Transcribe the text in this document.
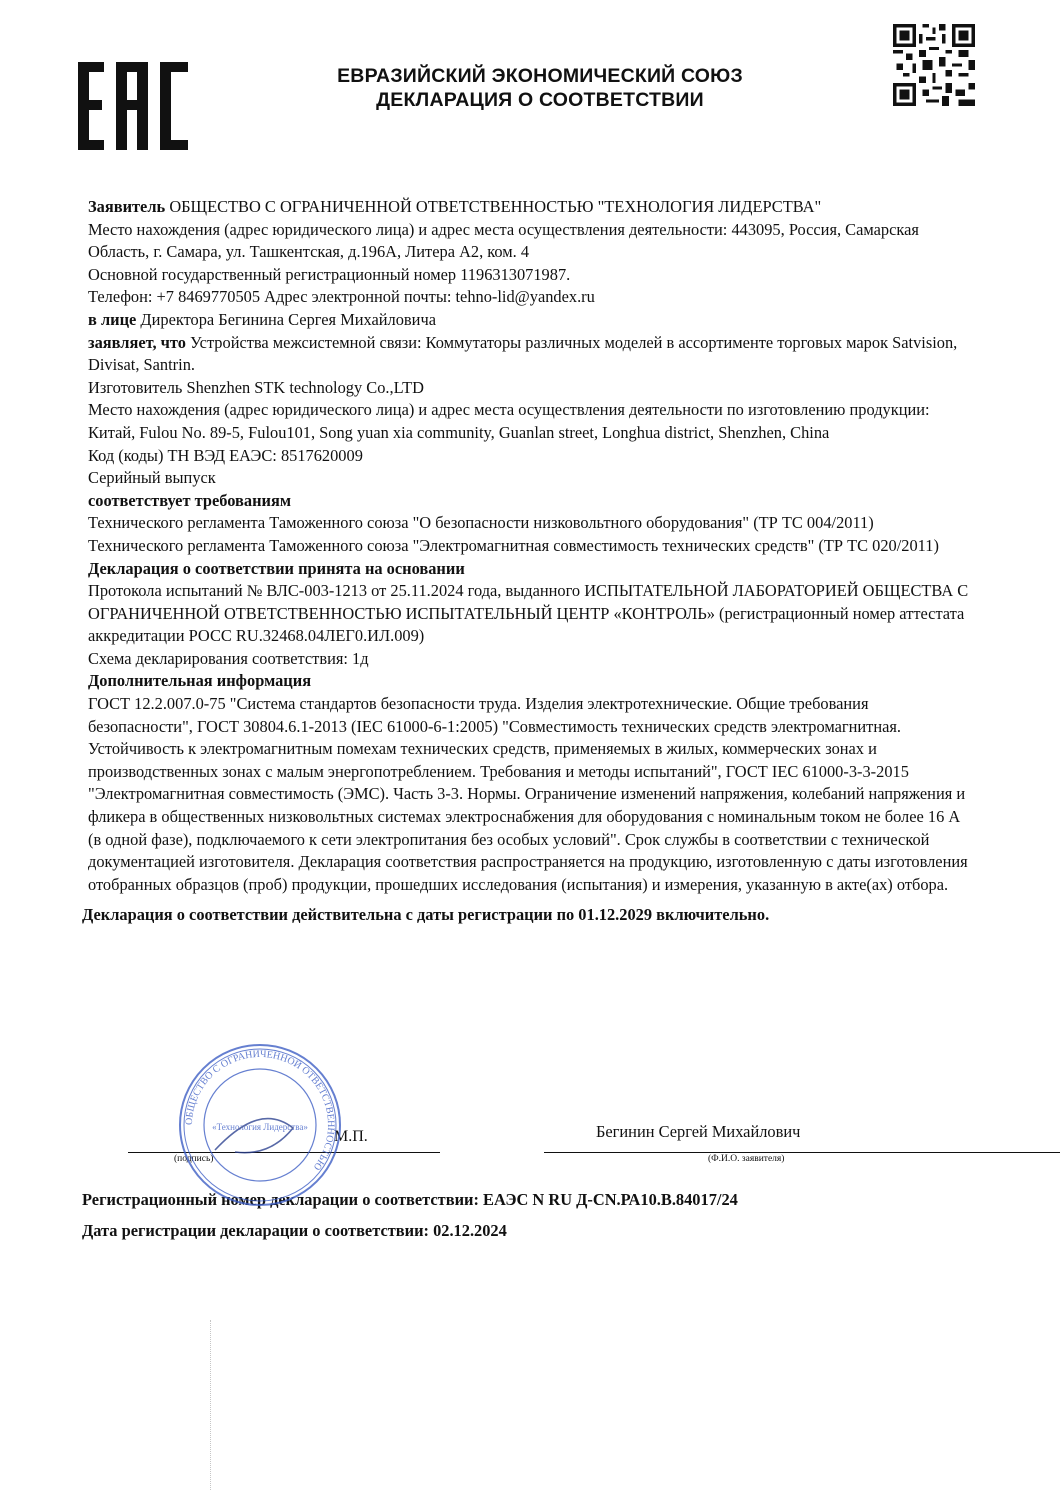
ЕВРАЗИЙСКИЙ ЭКОНОМИЧЕСКИЙ СОЮЗ
ДЕКЛАРАЦИЯ О СООТВЕТСТВИИ

Заявитель ОБЩЕСТВО С ОГРАНИЧЕННОЙ ОТВЕТСТВЕННОСТЬЮ "ТЕХНОЛОГИЯ ЛИДЕРСТВА"

Место нахождения (адрес юридического лица) и адрес места осуществления деятельности: 443095, Россия, Самарская Область, г. Самара, ул. Ташкентская, д.196А, Литера А2, ком. 4

Основной государственный регистрационный номер 1196313071987.

Телефон: +7 8469770505 Адрес электронной почты: tehno-lid@yandex.ru

в лице Директора Бегинина Сергея Михайловича

заявляет, что Устройства межсистемной связи: Коммутаторы различных моделей в ассортименте торговых марок Satvision, Divisat, Santrin.

Изготовитель Shenzhen STK technology Co.,LTD

Место нахождения (адрес юридического лица) и адрес места осуществления деятельности по изготовлению продукции: Китай, Fulou No. 89-5, Fulou101, Song yuan xia community, Guanlan street, Longhua district, Shenzhen, China

Код (коды) ТН ВЭД ЕАЭС: 8517620009

Серийный выпуск

соответствует требованиям

Технического регламента Таможенного союза "О безопасности низковольтного оборудования" (ТР ТС 004/2011)

Технического регламента Таможенного союза "Электромагнитная совместимость технических средств" (ТР ТС 020/2011)

Декларация о соответствии принята на основании

Протокола испытаний № ВЛС-003-1213 от 25.11.2024 года, выданного ИСПЫТАТЕЛЬНОЙ ЛАБОРАТОРИЕЙ ОБЩЕСТВА С ОГРАНИЧЕННОЙ ОТВЕТСТВЕННОСТЬЮ ИСПЫТАТЕЛЬНЫЙ ЦЕНТР «КОНТРОЛЬ» (регистрационный номер аттестата аккредитации РОСС RU.32468.04ЛЕГ0.ИЛ.009)

Схема декларирования соответствия: 1д

Дополнительная информация

ГОСТ 12.2.007.0-75 "Система стандартов безопасности труда. Изделия электротехнические. Общие требования безопасности", ГОСТ 30804.6.1-2013 (IEC 61000-6-1:2005) "Совместимость технических средств электромагнитная. Устойчивость к электромагнитным помехам технических средств, применяемых в жилых, коммерческих зонах и производственных зонах с малым энергопотреблением. Требования и методы испытаний", ГОСТ IEC 61000-3-3-2015 "Электромагнитная совместимость (ЭМС). Часть 3-3. Нормы. Ограничение изменений напряжения, колебаний напряжения и фликера в общественных низковольтных системах электроснабжения для оборудования с номинальным током не более 16 А (в одной фазе), подключаемого к сети электропитания без особых условий". Срок службы в соответствии с технической документацией изготовителя. Декларация соответствия распространяется на продукцию, изготовленную с даты изготовления отобранных образцов (проб) продукции, прошедших исследования (испытания) и измерения, указанную в акте(ах) отбора.

Декларация о соответствии действительна с даты регистрации по 01.12.2029 включительно.

(подпись)
М.П.	Бегинин Сергей Михайлович
(Ф.И.О. заявителя)
Регистрационный номер декларации о соответствии: ЕАЭС N RU Д-CN.РА10.В.84017/24
Дата регистрации декларации о соответствии: 02.12.2024
ОБЩЕСТВО С ОГРАНИЧЕННОЙ ОТВЕТСТВЕННОСТЬЮ
«Технология Лидерства»
